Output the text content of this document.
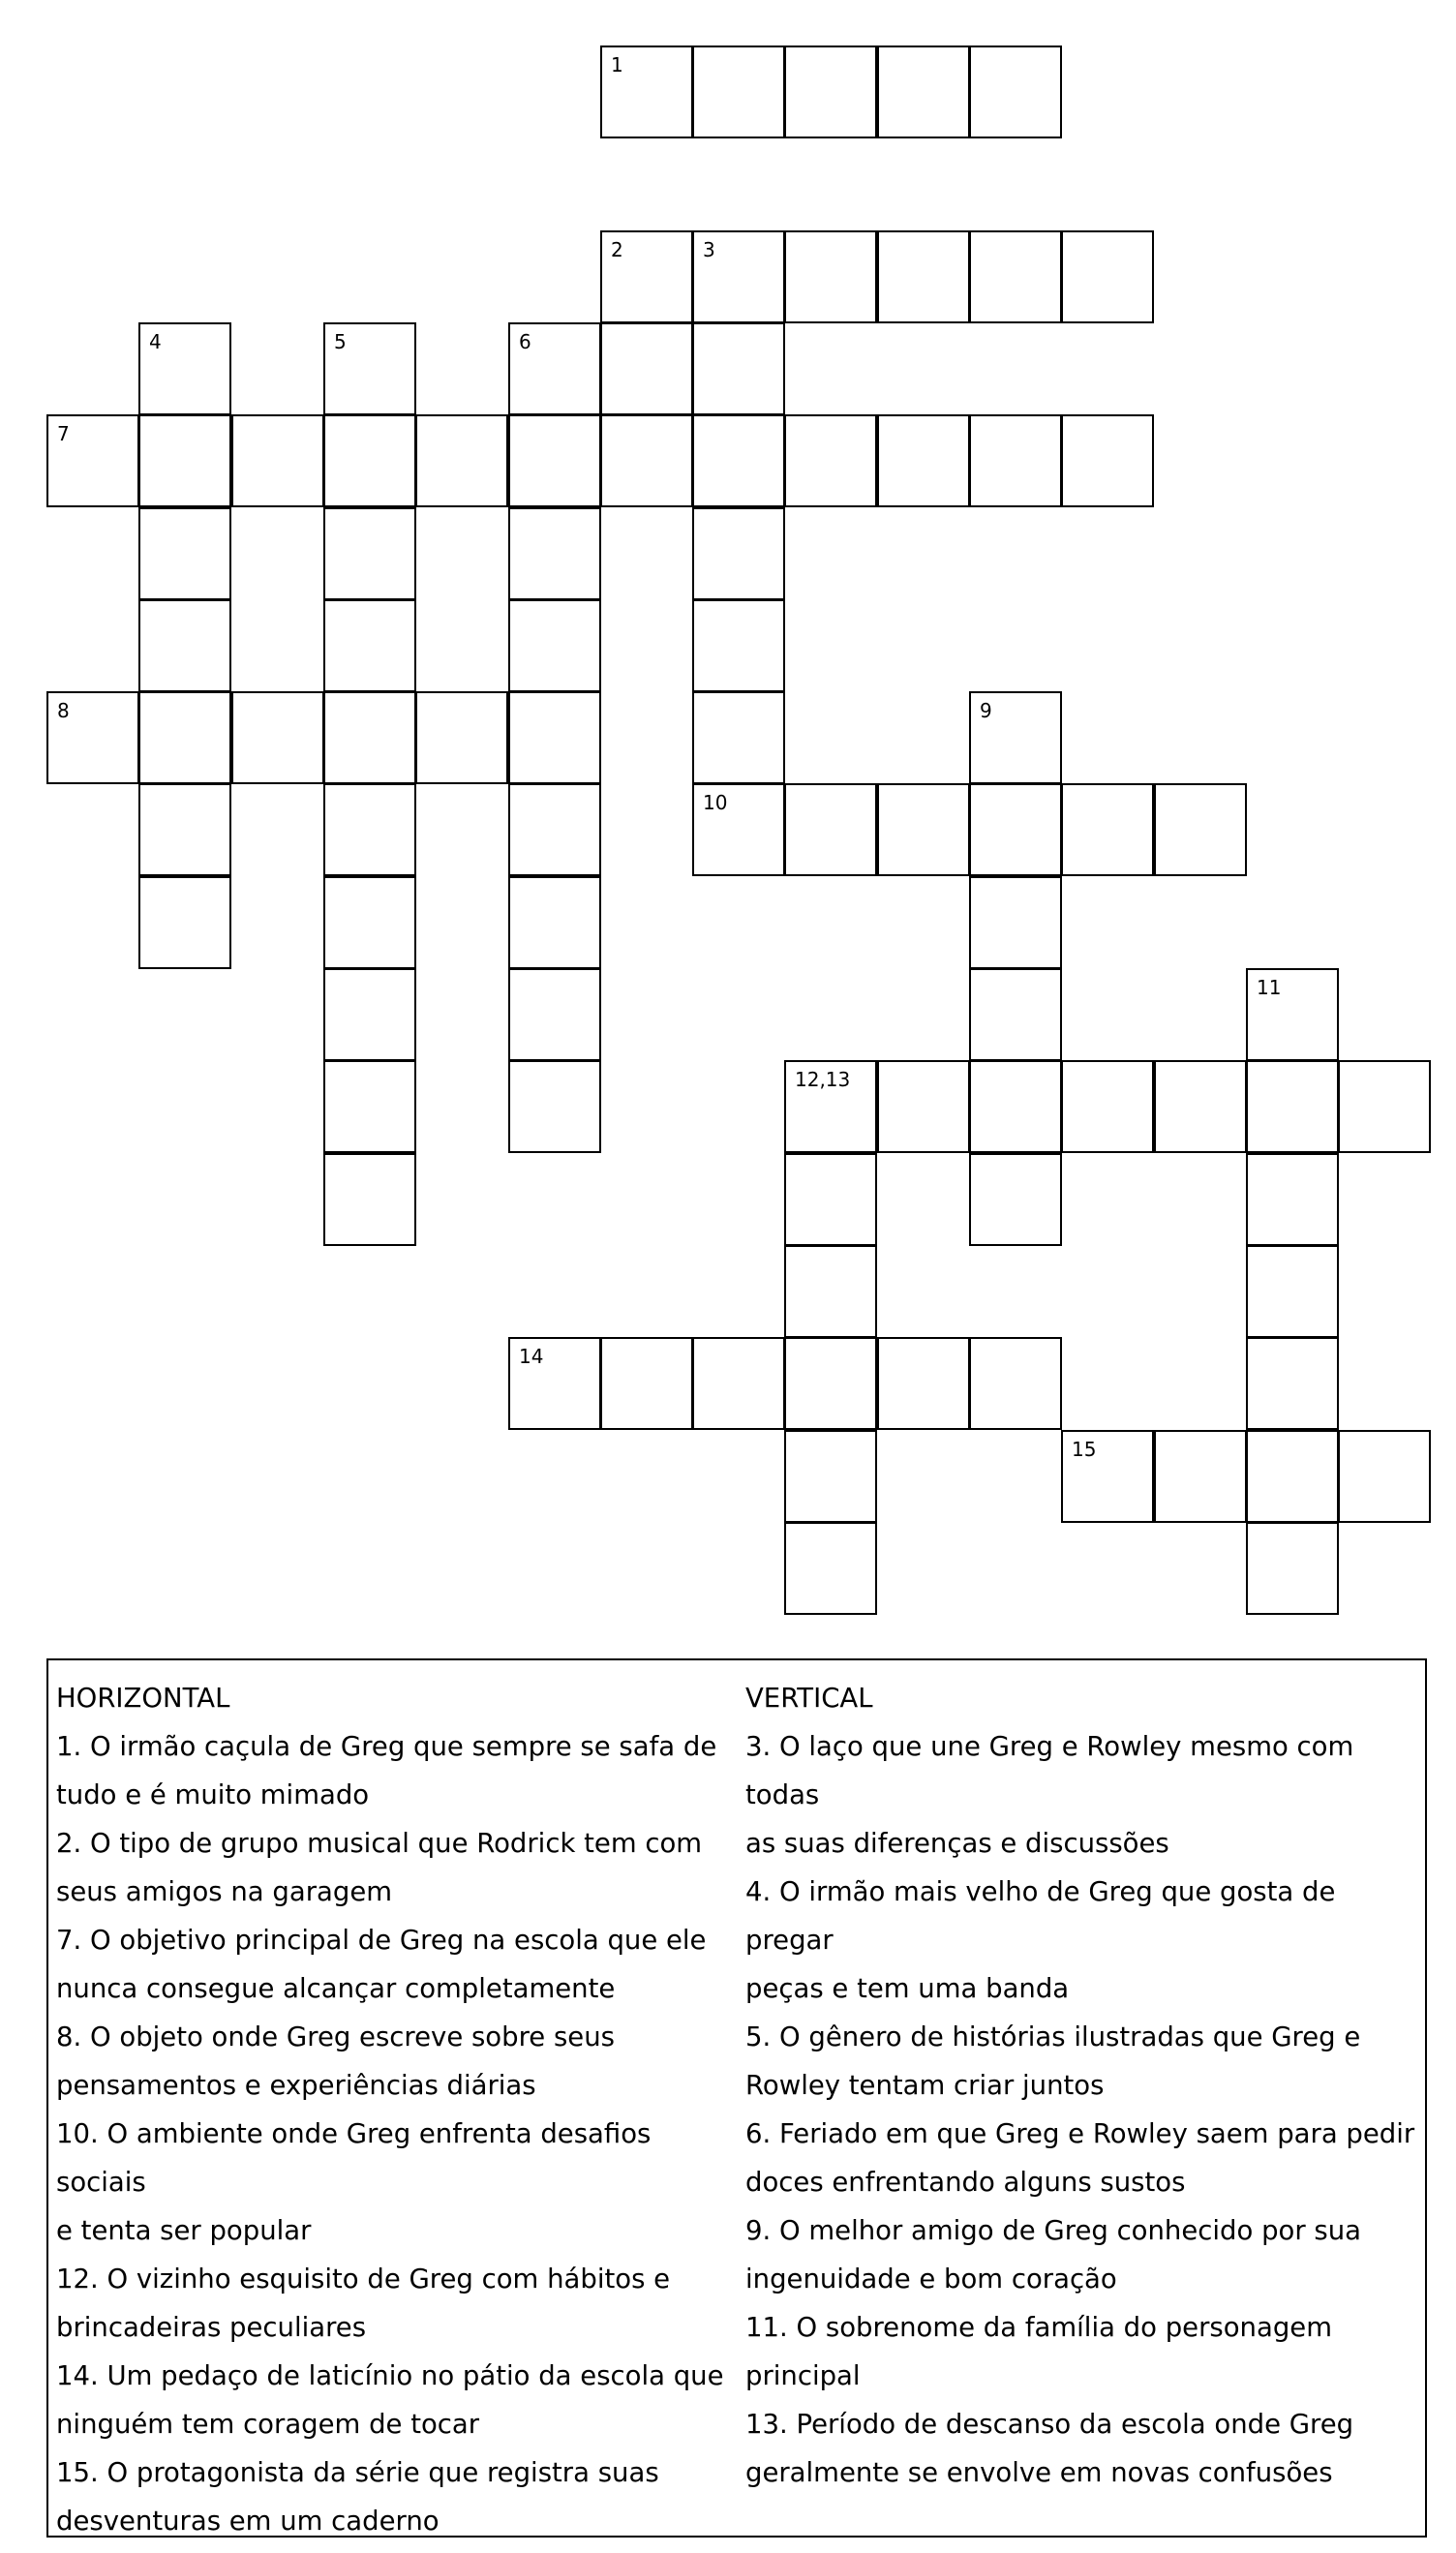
1
2	3
4	5	6
7
8	9
10
11
12,13
14
15
HORIZONTAL
1. O irmão caçula de Greg que sempre se safa de
tudo e é muito mimado
2. O tipo de grupo musical que Rodrick tem com
seus amigos na garagem
7. O objetivo principal de Greg na escola que ele
nunca consegue alcançar completamente
8. O objeto onde Greg escreve sobre seus
pensamentos e experiências diárias
10. O ambiente onde Greg enfrenta desafios sociais
e tenta ser popular
12. O vizinho esquisito de Greg com hábitos e
brincadeiras peculiares
14. Um pedaço de laticínio no pátio da escola que
ninguém tem coragem de tocar
15. O protagonista da série que registra suas
desventuras em um caderno
VERTICAL
3. O laço que une Greg e Rowley mesmo com todas
as suas diferenças e discussões
4. O irmão mais velho de Greg que gosta de pregar
peças e tem uma banda
5. O gênero de histórias ilustradas que Greg e
Rowley tentam criar juntos
6. Feriado em que Greg e Rowley saem para pedir
doces enfrentando alguns sustos
9. O melhor amigo de Greg conhecido por sua
ingenuidade e bom coração
11. O sobrenome da família do personagem
principal
13. Período de descanso da escola onde Greg
geralmente se envolve em novas confusões
